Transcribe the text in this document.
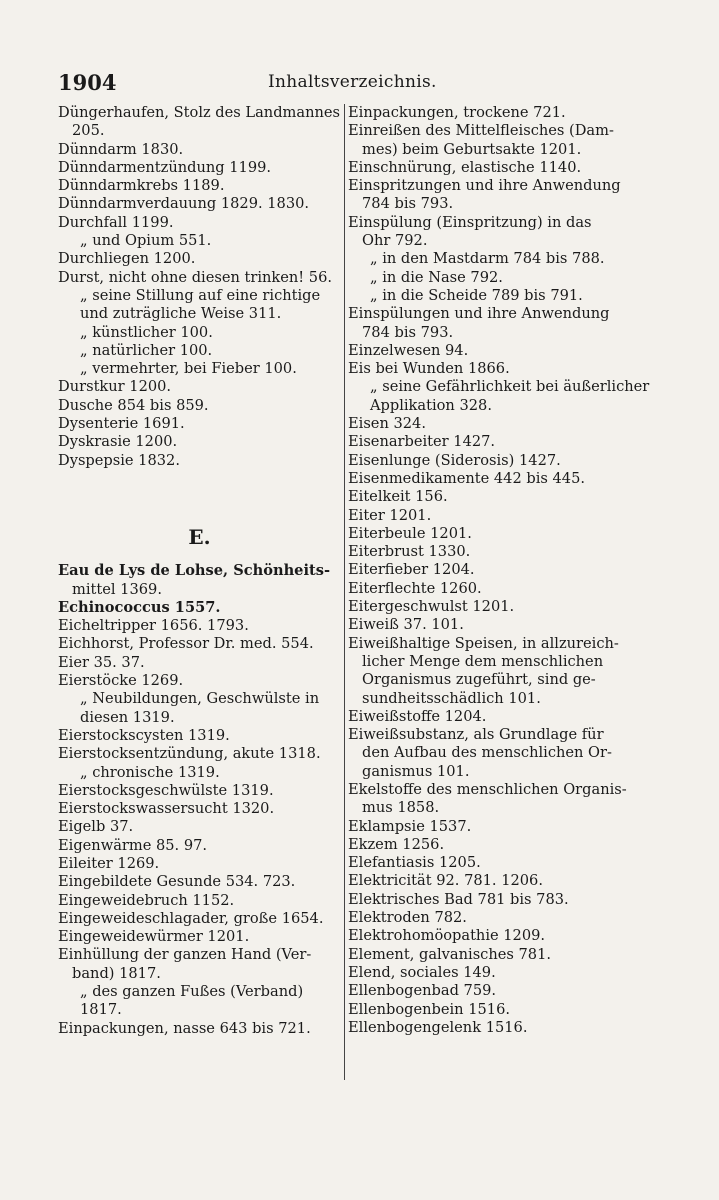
1904	Inhaltsverzeichnis.
Düngerhaufen, Stolz des Landmannes
205.
Dünndarm 1830.
Dünndarmentzündung 1199.
Dünndarmkrebs 1189.
Dünndarmverdauung 1829. 1830.
Durchfall 1199.
„ und Opium 551.
Durchliegen 1200.
Durst, nicht ohne diesen trinken! 56.
„ seine Stillung auf eine richtige
und zuträgliche Weise 311.
„ künstlicher 100.
„ natürlicher 100.
„ vermehrter, bei Fieber 100.
Durstkur 1200.
Dusche 854 bis 859.
Dysenterie 1691.
Dyskrasie 1200.
Dyspepsie 1832.
E.
Eau de Lys de Lohse, Schönheits-
mittel 1369.
Echinococcus 1557.
Eicheltripper 1656. 1793.
Eichhorst, Professor Dr. med. 554.
Eier 35. 37.
Eierstöcke 1269.
„ Neubildungen, Geschwülste in
diesen 1319.
Eierstockscysten 1319.
Eierstocksentzündung, akute 1318.
„ chronische 1319.
Eierstocksgeschwülste 1319.
Eierstockswassersucht 1320.
Eigelb 37.
Eigenwärme 85. 97.
Eileiter 1269.
Eingebildete Gesunde 534. 723.
Eingeweidebruch 1152.
Eingeweideschlagader, große 1654.
Eingeweidewürmer 1201.
Einhüllung der ganzen Hand (Ver-
band) 1817.
„ des ganzen Fußes (Verband)
1817.
Einpackungen, nasse 643 bis 721.
Einpackungen, trockene 721.
Einreißen des Mittelfleisches (Dam-
mes) beim Geburtsakte 1201.
Einschnürung, elastische 1140.
Einspritzungen und ihre Anwendung
784 bis 793.
Einspülung (Einspritzung) in das
Ohr 792.
„ in den Mastdarm 784 bis 788.
„ in die Nase 792.
„ in die Scheide 789 bis 791.
Einspülungen und ihre Anwendung
784 bis 793.
Einzelwesen 94.
Eis bei Wunden 1866.
„ seine Gefährlichkeit bei äußerlicher
Applikation 328.
Eisen 324.
Eisenarbeiter 1427.
Eisenlunge (Siderosis) 1427.
Eisenmedikamente 442 bis 445.
Eitelkeit 156.
Eiter 1201.
Eiterbeule 1201.
Eiterbrust 1330.
Eiterfieber 1204.
Eiterflechte 1260.
Eitergeschwulst 1201.
Eiweiß 37. 101.
Eiweißhaltige Speisen, in allzureich-
licher Menge dem menschlichen
Organismus zugeführt, sind ge-
sundheitsschädlich 101.
Eiweißstoffe 1204.
Eiweißsubstanz, als Grundlage für
den Aufbau des menschlichen Or-
ganismus 101.
Ekelstoffe des menschlichen Organis-
mus 1858.
Eklampsie 1537.
Ekzem 1256.
Elefantiasis 1205.
Elektricität 92. 781. 1206.
Elektrisches Bad 781 bis 783.
Elektroden 782.
Elektrohomöopathie 1209.
Element, galvanisches 781.
Elend, sociales 149.
Ellenbogenbad 759.
Ellenbogenbein 1516.
Ellenbogengelenk 1516.
